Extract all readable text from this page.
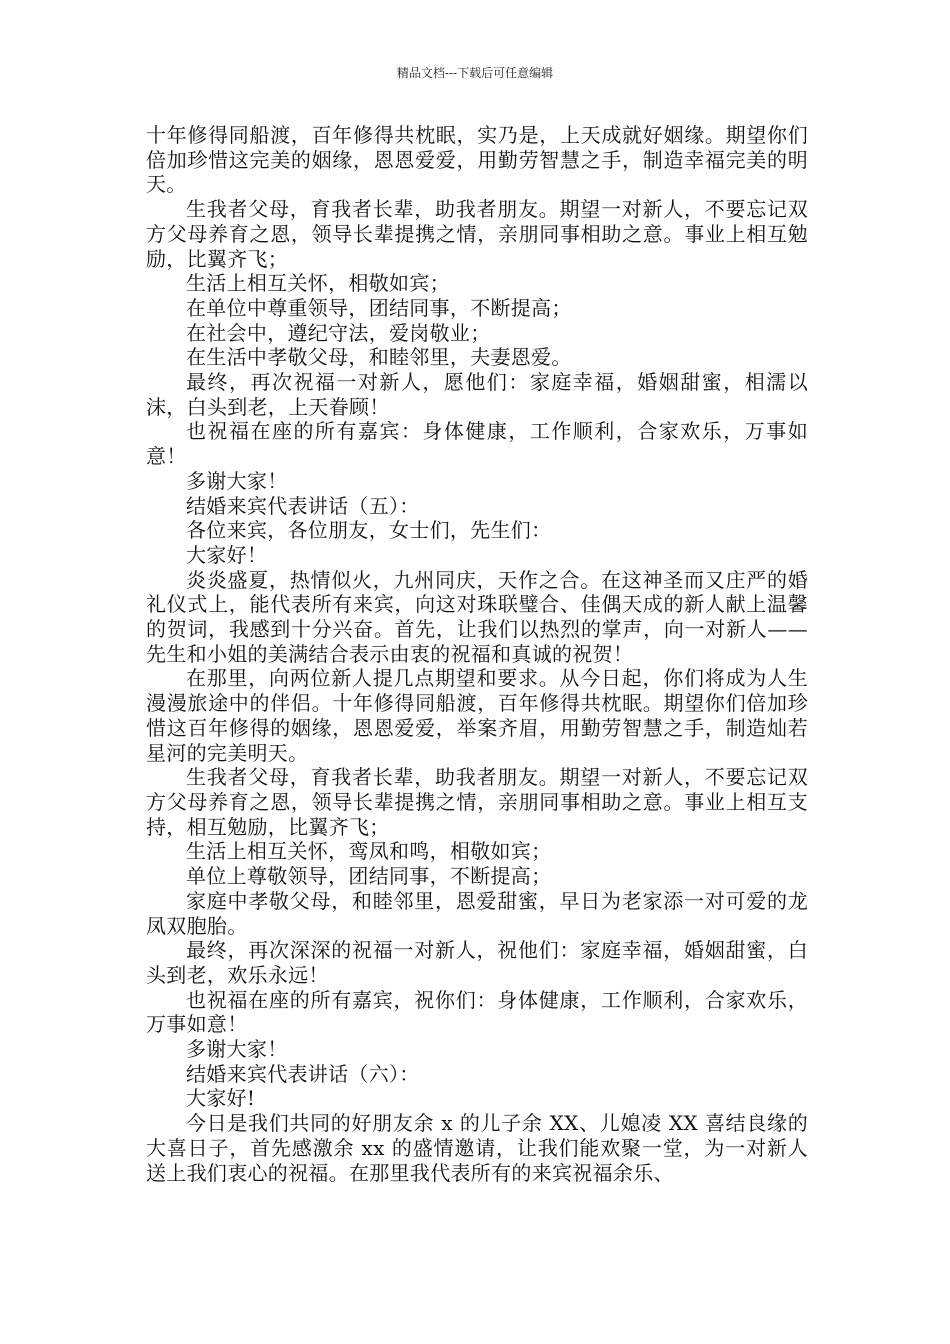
精品文档---下载后可任意编辑

十年修得同船渡，百年修得共枕眠，实乃是，上天成就好姻缘。期望你们倍加珍惜这完美的姻缘，恩恩爱爱，用勤劳智慧之手，制造幸福完美的明天。

生我者父母，育我者长辈，助我者朋友。期望一对新人，不要忘记双方父母养育之恩，领导长辈提携之情，亲朋同事相助之意。事业上相互勉励，比翼齐飞；

生活上相互关怀，相敬如宾；

在单位中尊重领导，团结同事，不断提高；

在社会中，遵纪守法，爱岗敬业；

在生活中孝敬父母，和睦邻里，夫妻恩爱。

最终，再次祝福一对新人，愿他们：家庭幸福，婚姻甜蜜，相濡以沫，白头到老，上天眷顾！

也祝福在座的所有嘉宾：身体健康，工作顺利，合家欢乐，万事如意！

多谢大家！

结婚来宾代表讲话（五）：

各位来宾，各位朋友，女士们，先生们：

大家好！

炎炎盛夏，热情似火，九州同庆，天作之合。在这神圣而又庄严的婚礼仪式上，能代表所有来宾，向这对珠联璧合、佳偶天成的新人献上温馨的贺词，我感到十分兴奋。首先，让我们以热烈的掌声，向一对新人——先生和小姐的美满结合表示由衷的祝福和真诚的祝贺！

在那里，向两位新人提几点期望和要求。从今日起，你们将成为人生漫漫旅途中的伴侣。十年修得同船渡，百年修得共枕眠。期望你们倍加珍惜这百年修得的姻缘，恩恩爱爱，举案齐眉，用勤劳智慧之手，制造灿若星河的完美明天。

生我者父母，育我者长辈，助我者朋友。期望一对新人，不要忘记双方父母养育之恩，领导长辈提携之情，亲朋同事相助之意。事业上相互支持，相互勉励，比翼齐飞；

生活上相互关怀，鸾凤和鸣，相敬如宾；

单位上尊敬领导，团结同事，不断提高；

家庭中孝敬父母，和睦邻里，恩爱甜蜜，早日为老家添一对可爱的龙凤双胞胎。

最终，再次深深的祝福一对新人，祝他们：家庭幸福，婚姻甜蜜，白头到老，欢乐永远！

也祝福在座的所有嘉宾，祝你们：身体健康，工作顺利，合家欢乐，万事如意！

多谢大家！

结婚来宾代表讲话（六）：

大家好!

今日是我们共同的好朋友余 x 的儿子余 XX、儿媳凌 XX 喜结良缘的大喜日子，首先感激余 xx 的盛情邀请，让我们能欢聚一堂，为一对新人送上我们衷心的祝福。在那里我代表所有的来宾祝福余乐、
